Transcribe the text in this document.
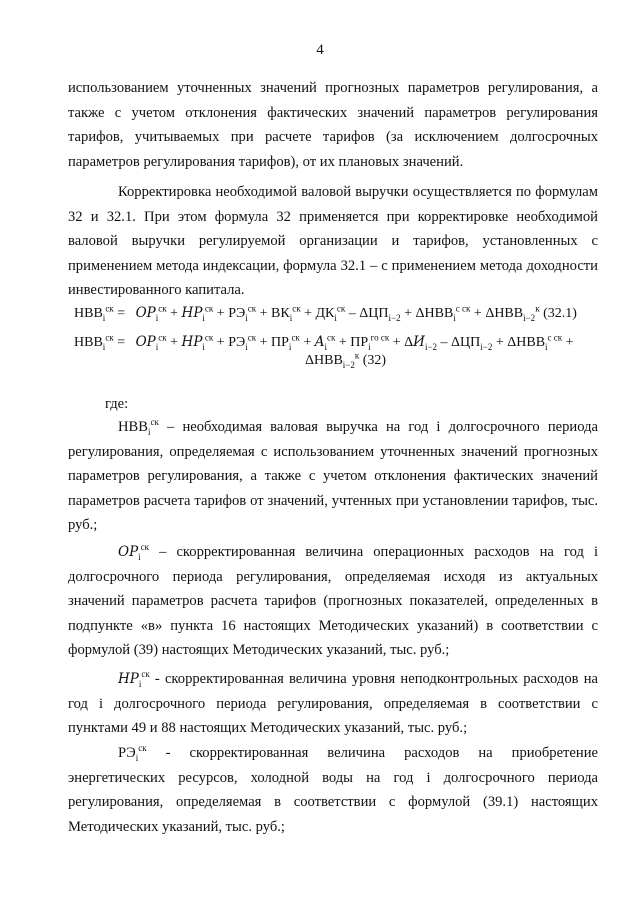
4

использованием уточненных значений прогнозных параметров регулирования, а также с учетом отклонения фактических значений параметров регулирования тарифов, учитываемых при расчете тарифов (за исключением долгосрочных параметров регулирования тарифов), от их плановых значений.

Корректировка необходимой валовой выручки осуществляется по формулам 32 и 32.1. При этом формула 32 применяется при корректировке необходимой валовой выручки регулируемой организации и тарифов, установленных с применением метода индексации, формула 32.1 – с применением метода доходности инвестированного капитала.

$НВВ_i^{ск} = OP_i^{ск} + HP_i^{ск} + РЭ_i^{ск} + ВК_i^{ск} + ДК_i^{ск} - \Delta ЦП_{i-2} + \Delta НВВ_i^{с ск} + \Delta НВВ_{i-2}^к$ (32.1)
$НВВ_i^{ск} = OP_i^{ск} + HP_i^{ск} + РЭ_i^{ск} + ПР_i^{ск} + A_i^{ск} + ПР_i^{го ск} + \Delta И_{i-2} - \Delta ЦП_{i-2} + \Delta НВВ_i^{с ск}$ +
$\Delta НВВ_{i-2}^к$ (32)
где:

$НВВ_i^{ск}$ – необходимая валовая выручка на год i долгосрочного периода регулирования, определяемая с использованием уточненных значений прогнозных параметров регулирования, а также с учетом отклонения фактических значений параметров расчета тарифов от значений, учтенных при установлении тарифов, тыс. руб.;

$OP_i^{ск}$ – скорректированная величина операционных расходов на год i долгосрочного периода регулирования, определяемая исходя из актуальных значений параметров расчета тарифов (прогнозных показателей, определенных в подпункте «в» пункта 16 настоящих Методических указаний) в соответствии с формулой (39) настоящих Методических указаний, тыс. руб.;

$HP_i^{ск}$ - скорректированная величина уровня неподконтрольных расходов на год i долгосрочного периода регулирования, определяемая в соответствии с пунктами 49 и 88 настоящих Методических указаний, тыс. руб.;

$РЭ_i^{ск}$ - скорректированная величина расходов на приобретение энергетических ресурсов, холодной воды на год i долгосрочного периода регулирования, определяемая в соответствии с формулой (39.1) настоящих Методических указаний, тыс. руб.;
